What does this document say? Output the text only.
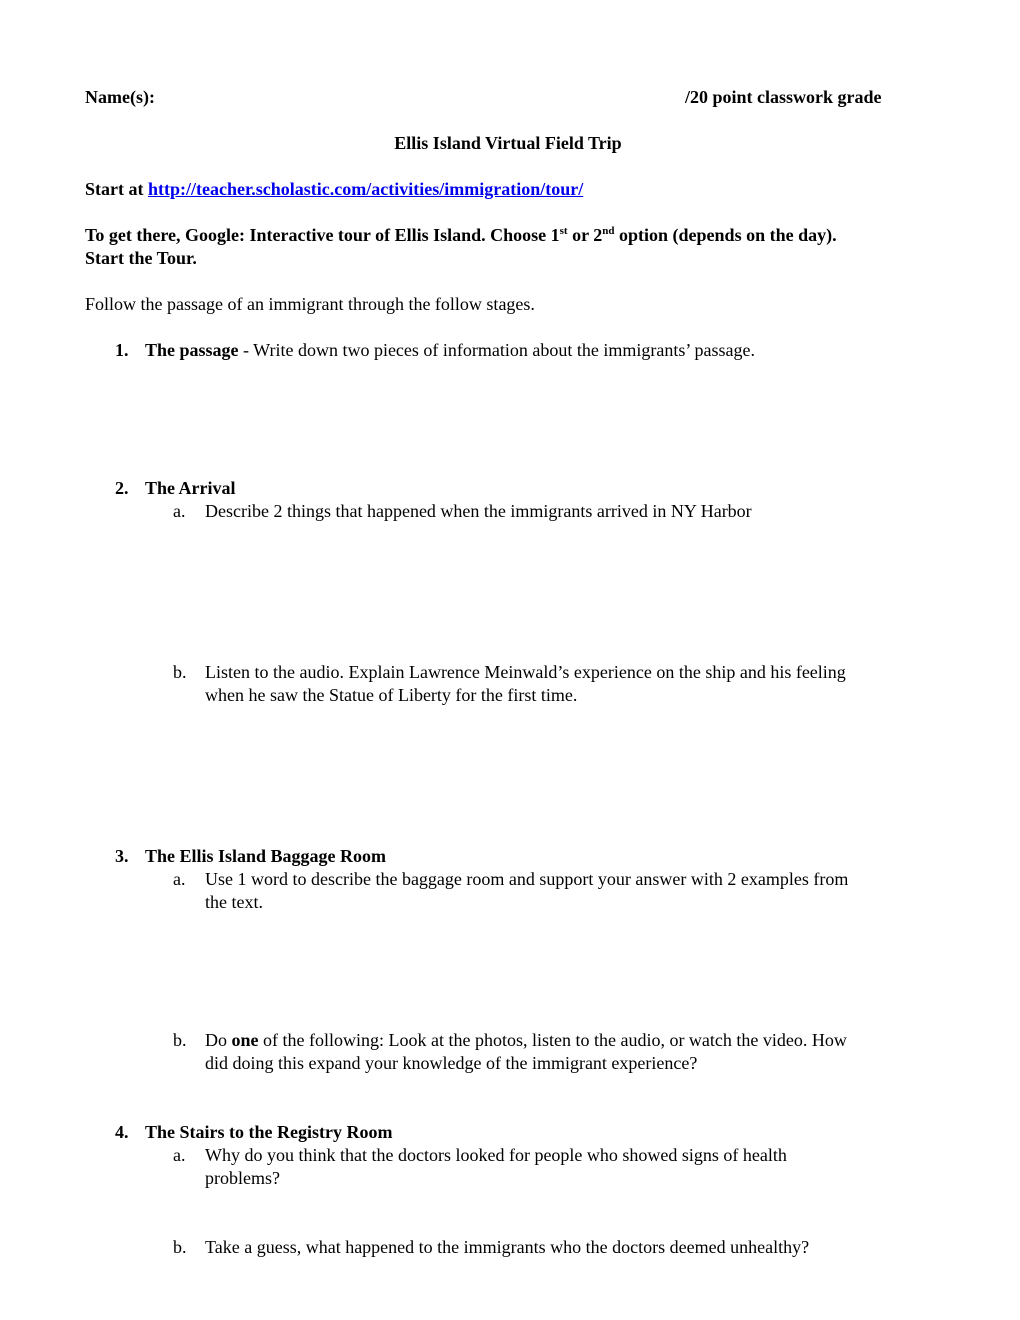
Name(s):	/20 point classwork grade
Ellis Island Virtual Field Trip
Start at http://teacher.scholastic.com/activities/immigration/tour/
To get there, Google: Interactive tour of Ellis Island. Choose 1st or 2nd option (depends on the day).
Start the Tour.
Follow the passage of an immigrant through the follow stages.
1. The passage - Write down two pieces of information about the immigrants’ passage.
2. The Arrival
a. Describe 2 things that happened when the immigrants arrived in NY Harbor
b. Listen to the audio. Explain Lawrence Meinwald’s experience on the ship and his feeling
when he saw the Statue of Liberty for the first time.
3. The Ellis Island Baggage Room
a. Use 1 word to describe the baggage room and support your answer with 2 examples from
the text.
b. Do one of the following: Look at the photos, listen to the audio, or watch the video. How
did doing this expand your knowledge of the immigrant experience?
4. The Stairs to the Registry Room
a. Why do you think that the doctors looked for people who showed signs of health
problems?
b. Take a guess, what happened to the immigrants who the doctors deemed unhealthy?
